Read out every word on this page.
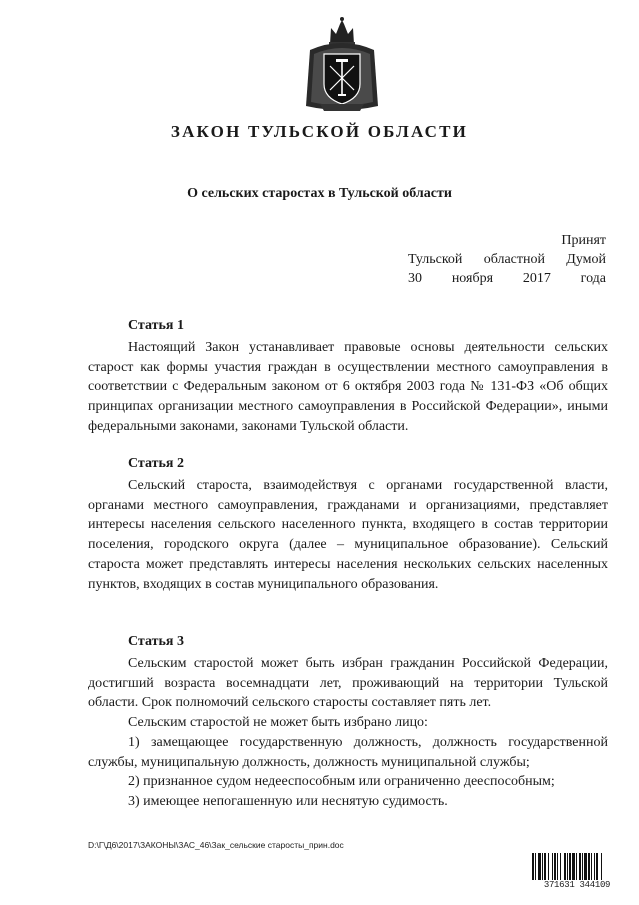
ЗАКОН ТУЛЬСКОЙ ОБЛАСТИ
О сельских старостах в Тульской области
Принят
Тульской областной Думой
30 ноября 2017 года
Статья 1

Настоящий Закон устанавливает правовые основы деятельности сельских старост как формы участия граждан в осуществлении местного самоуправления в соответствии с Федеральным законом от 6 октября 2003 года № 131-ФЗ «Об общих принципах организации местного самоуправления в Российской Федерации», иными федеральными законами, законами Тульской области.

Статья 2

Сельский староста, взаимодействуя с органами государственной власти, органами местного самоуправления, гражданами и организациями, представляет интересы населения сельского населенного пункта, входящего в состав территории поселения, городского округа (далее – муниципальное образование). Сельский староста может представлять интересы населения нескольких сельских населенных пунктов, входящих в состав муниципального образования.

Статья 3

Сельским старостой может быть избран гражданин Российской Федерации, достигший возраста восемнадцати лет, проживающий на территории Тульской области. Срок полномочий сельского старосты составляет пять лет.

Сельским старостой не может быть избрано лицо:

1) замещающее государственную должность, должность государственной службы, муниципальную должность, должность муниципальной службы;

2) признанное судом недееспособным или ограниченно дееспособным;

3) имеющее непогашенную или неснятую судимость.

D:\Г\Д6\2017\ЗАКОНЫ\ЗАС_46\Зак_сельские старосты_прин.doc
371631 344109
